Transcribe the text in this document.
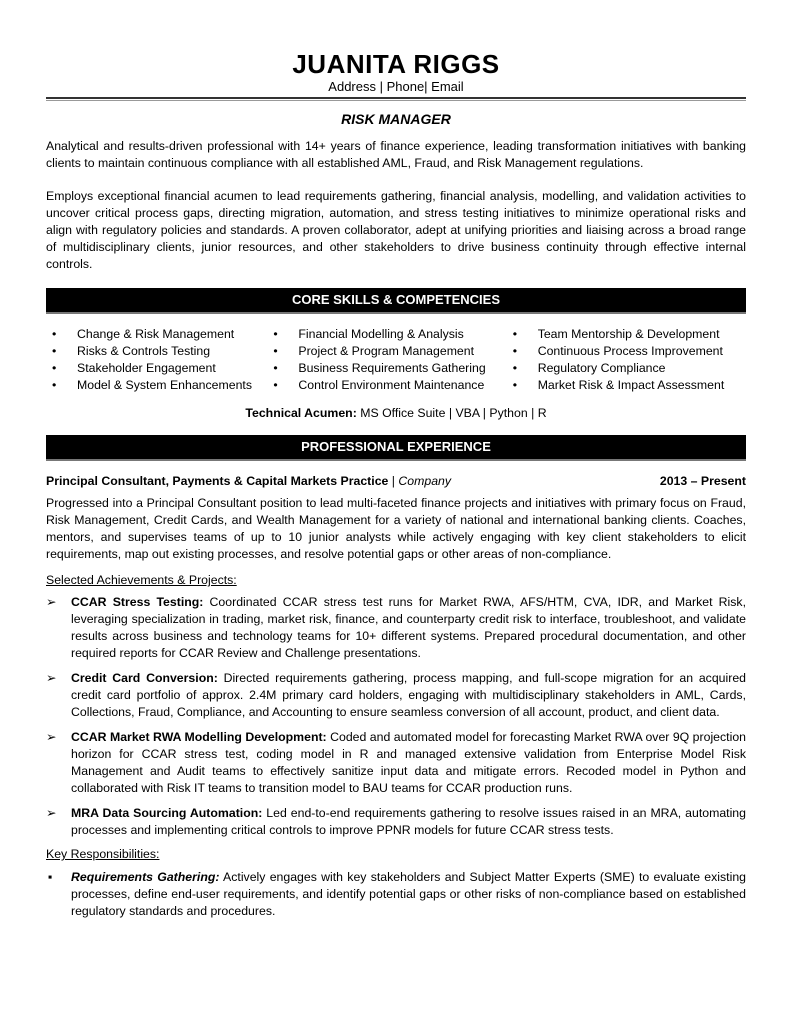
JUANITA RIGGS
Address | Phone| Email
RISK MANAGER

Analytical and results-driven professional with 14+ years of finance experience, leading transformation initiatives with banking clients to maintain continuous compliance with all established AML, Fraud, and Risk Management regulations.

Employs exceptional financial acumen to lead requirements gathering, financial analysis, modelling, and validation activities to uncover critical process gaps, directing migration, automation, and stress testing initiatives to minimize operational risks and align with regulatory policies and standards. A proven collaborator, adept at unifying priorities and liaising across a broad range of multidisciplinary clients, junior resources, and other stakeholders to drive business continuity through effective internal controls.

CORE SKILLS & COMPETENCIES
• Change & Risk Management
• Risks & Controls Testing
• Stakeholder Engagement
• Model & System Enhancements
• Financial Modelling & Analysis
• Project & Program Management
• Business Requirements Gathering
• Control Environment Maintenance
• Team Mentorship & Development
• Continuous Process Improvement
• Regulatory Compliance
• Market Risk & Impact Assessment
Technical Acumen: MS Office Suite | VBA | Python | R
PROFESSIONAL EXPERIENCE
Principal Consultant, Payments & Capital Markets Practice | Company	2013 – Present

Progressed into a Principal Consultant position to lead multi-faceted finance projects and initiatives with primary focus on Fraud, Risk Management, Credit Cards, and Wealth Management for a variety of national and international banking clients. Coaches, mentors, and supervises teams of up to 10 junior analysts while actively engaging with key client stakeholders to elicit requirements, map out existing processes, and resolve potential gaps or other areas of non-compliance.

Selected Achievements & Projects:
➢ CCAR Stress Testing: Coordinated CCAR stress test runs for Market RWA, AFS/HTM, CVA, IDR, and Market Risk, leveraging specialization in trading, market risk, finance, and counterparty credit risk to interface, troubleshoot, and validate results across business and technology teams for 10+ different systems. Prepared procedural documentation, and other required reports for CCAR Review and Challenge presentations.
➢ Credit Card Conversion: Directed requirements gathering, process mapping, and full-scope migration for an acquired credit card portfolio of approx. 2.4M primary card holders, engaging with multidisciplinary stakeholders in AML, Cards, Collections, Fraud, Compliance, and Accounting to ensure seamless conversion of all account, product, and client data.
➢ CCAR Market RWA Modelling Development: Coded and automated model for forecasting Market RWA over 9Q projection horizon for CCAR stress test, coding model in R and managed extensive validation from Enterprise Model Risk Management and Audit teams to effectively sanitize input data and mitigate errors. Recoded model in Python and collaborated with Risk IT teams to transition model to BAU teams for CCAR production runs.
➢ MRA Data Sourcing Automation: Led end-to-end requirements gathering to resolve issues raised in an MRA, automating processes and implementing critical controls to improve PPNR models for future CCAR stress tests.
Key Responsibilities:
▪ Requirements Gathering: Actively engages with key stakeholders and Subject Matter Experts (SME) to evaluate existing processes, define end-user requirements, and identify potential gaps or other risks of non-compliance based on established regulatory standards and procedures.
